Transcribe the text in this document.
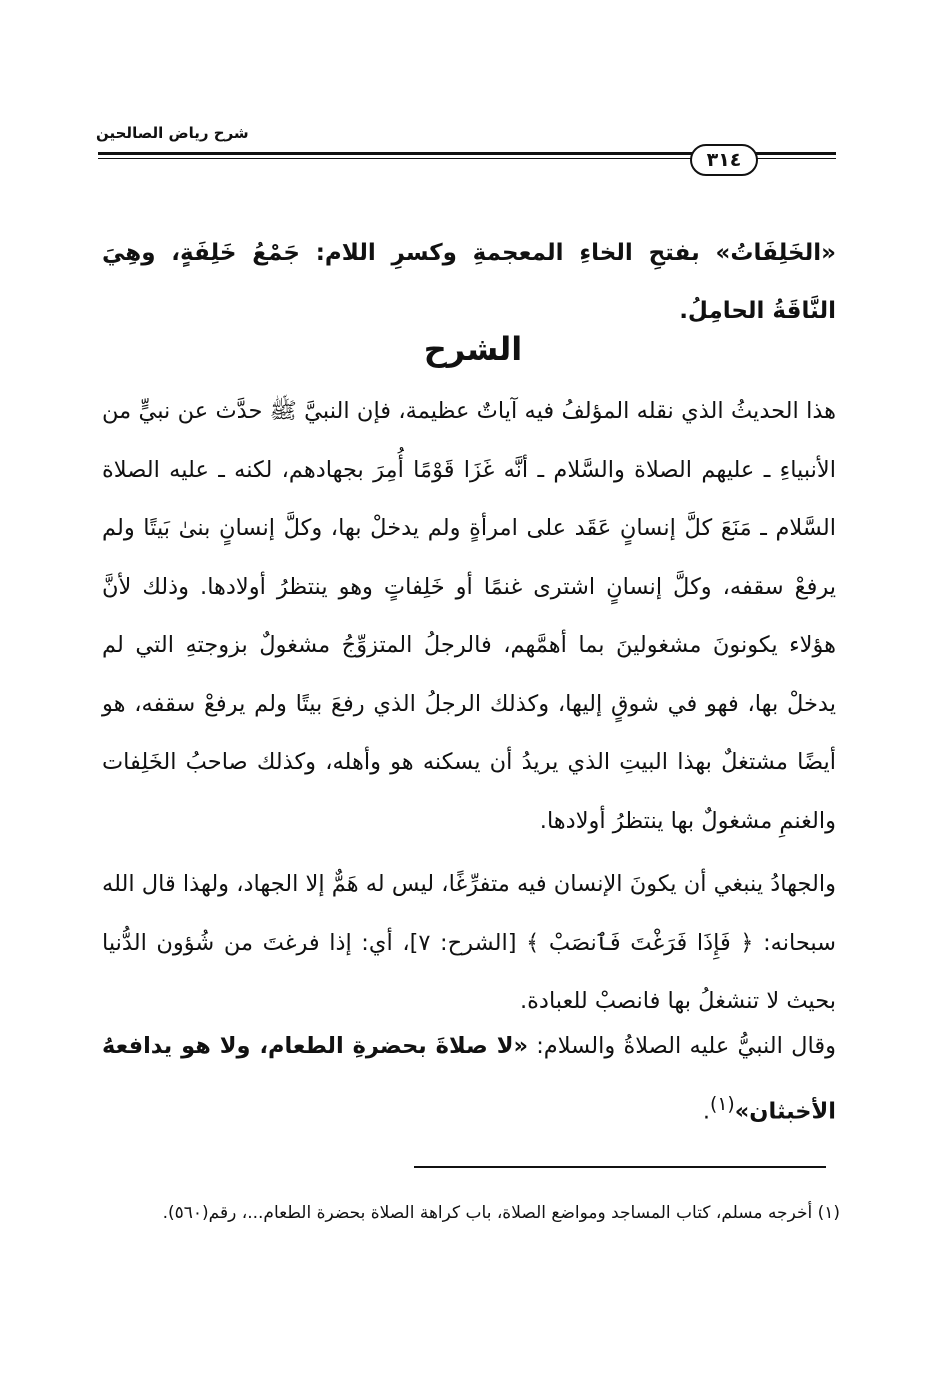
شرح رياض الصالحين
٣١٤
«الخَلِفَاتُ» بفتحِ الخاءِ المعجمةِ وكسرِ اللام: جَمْعُ خَلِفَةٍ، وهِيَ النَّاقَةُ الحامِلُ.
الشرح
هذا الحديثُ الذي نقله المؤلفُ فيه آياتٌ عظيمة، فإن النبيَّ ﷺ حدَّث عن نبيٍّ من الأنبياءِ ـ عليهم الصلاة والسَّلام ـ أنَّه غَزَا قَوْمًا أُمِرَ بجهادهم، لكنه ـ عليه الصلاة السَّلام ـ مَنَعَ كلَّ إنسانٍ عَقَد على امرأةٍ ولم يدخلْ بها، وكلَّ إنسانٍ بنىٰ بَيتًا ولم يرفعْ سقفه، وكلَّ إنسانٍ اشترى غنمًا أو خَلِفاتٍ وهو ينتظرُ أولادها. وذلك لأنَّ هؤلاء يكونونَ مشغولينَ بما أهمَّهم، فالرجلُ المتزوِّجُ مشغولٌ بزوجتهِ التي لم يدخلْ بها، فهو في شوقٍ إليها، وكذلك الرجلُ الذي رفعَ بيتًا ولم يرفعْ سقفه، هو أيضًا مشتغلٌ بهذا البيتِ الذي يريدُ أن يسكنه هو وأهله، وكذلك صاحبُ الخَلِفات والغنمِ مشغولٌ بها ينتظرُ أولادها.
والجهادُ ينبغي أن يكونَ الإنسان فيه متفرِّغًا، ليس له هَمٌّ إلا الجهاد، ولهذا قال الله سبحانه: ﴿ فَإِذَا فَرَغْتَ فَٱنصَبْ ﴾ [الشرح: ٧]، أي: إذا فرغتَ من شُؤون الدُّنيا بحيث لا تنشغلُ بها فانصبْ للعبادة.
وقال النبيُّ عليه الصلاةُ والسلام: «لا صلاةَ بحضرةِ الطعام، ولا هو يدافعهُ الأخبثان»$^{(١)}$.
(١) أخرجه مسلم، كتاب المساجد ومواضع الصلاة، باب كراهة الصلاة بحضرة الطعام...، رقم(٥٦٠).
